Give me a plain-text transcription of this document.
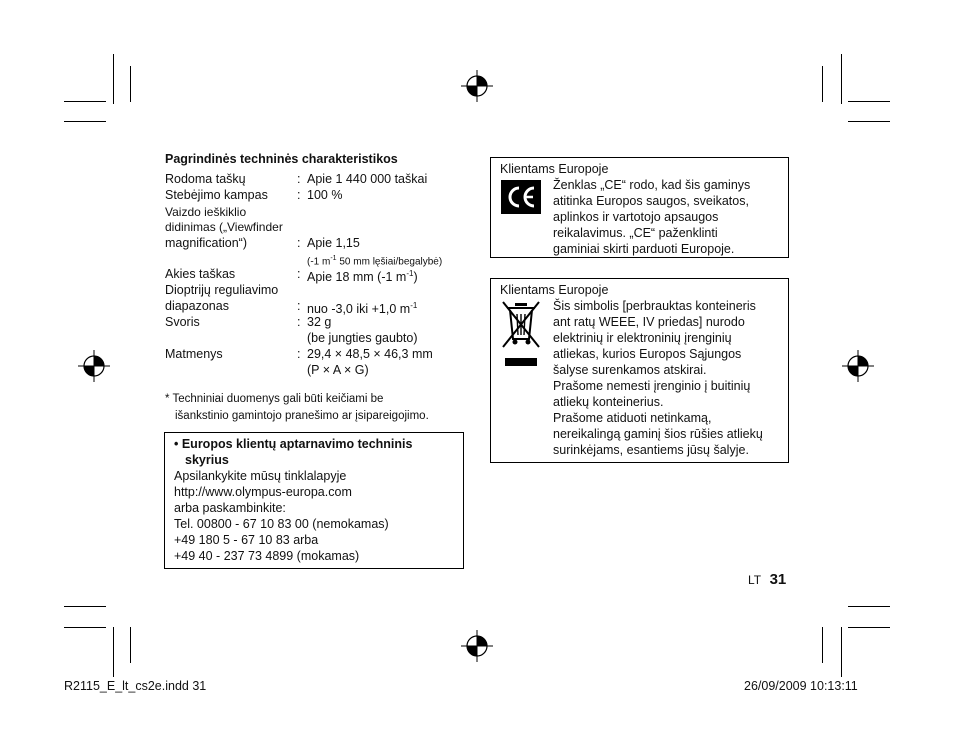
Pagrindinės techninės charakteristikos
Rodoma taškų	: Apie 1 440 000 taškai
Stebėjimo kampas : 100 %
Vaizdo ieškiklio
didinimas („Viewfinder
magnification“)	: Apie 1,15
(-1 $m^{-1}$ 50 mm lęšiai/begalybė)
Akies taškas	: Apie 18 mm (-1 $m^{-1}$)
Dioptrijų reguliavimo
diapazonas	: nuo -3,0 iki +1,0 $m^{-1}$
Svoris	: 32 g
(be jungties gaubto)
Matmenys	: 29,4 × 48,5 × 46,3 mm
(P × A × G)
* Techniniai duomenys gali būti keičiami be
išankstinio gamintojo pranešimo ar įsipareigojimo.
• Europos klientų aptarnavimo techninis
skyrius
Apsilankykite mūsų tinklalapyje
http://www.olympus-europa.com
arba paskambinkite:
Tel. 00800 - 67 10 83 00 (nemokamas)
+49 180 5 - 67 10 83 arba
+49 40 - 237 73 4899 (mokamas)
Klientams Europoje
Ženklas „CE“ rodo, kad šis gaminys
atitinka Europos saugos, sveikatos,
aplinkos ir vartotojo apsaugos
reikalavimus. „CE“ paženklinti
gaminiai skirti parduoti Europoje.
Klientams Europoje
Šis simbolis [perbrauktas konteineris
ant ratų WEEE, IV priedas] nurodo
elektrinių ir elektroninių įrenginių
atliekas, kurios Europos Sąjungos
šalyse surenkamos atskirai.
Prašome nemesti įrenginio į buitinių
atliekų konteinerius.
Prašome atiduoti netinkamą,
nereikalingą gaminį šios rūšies atliekų
surinkėjams, esantiems jūsų šalyje.
LT 31
R2115_E_lt_cs2e.indd 31	26/09/2009 10:13:11
